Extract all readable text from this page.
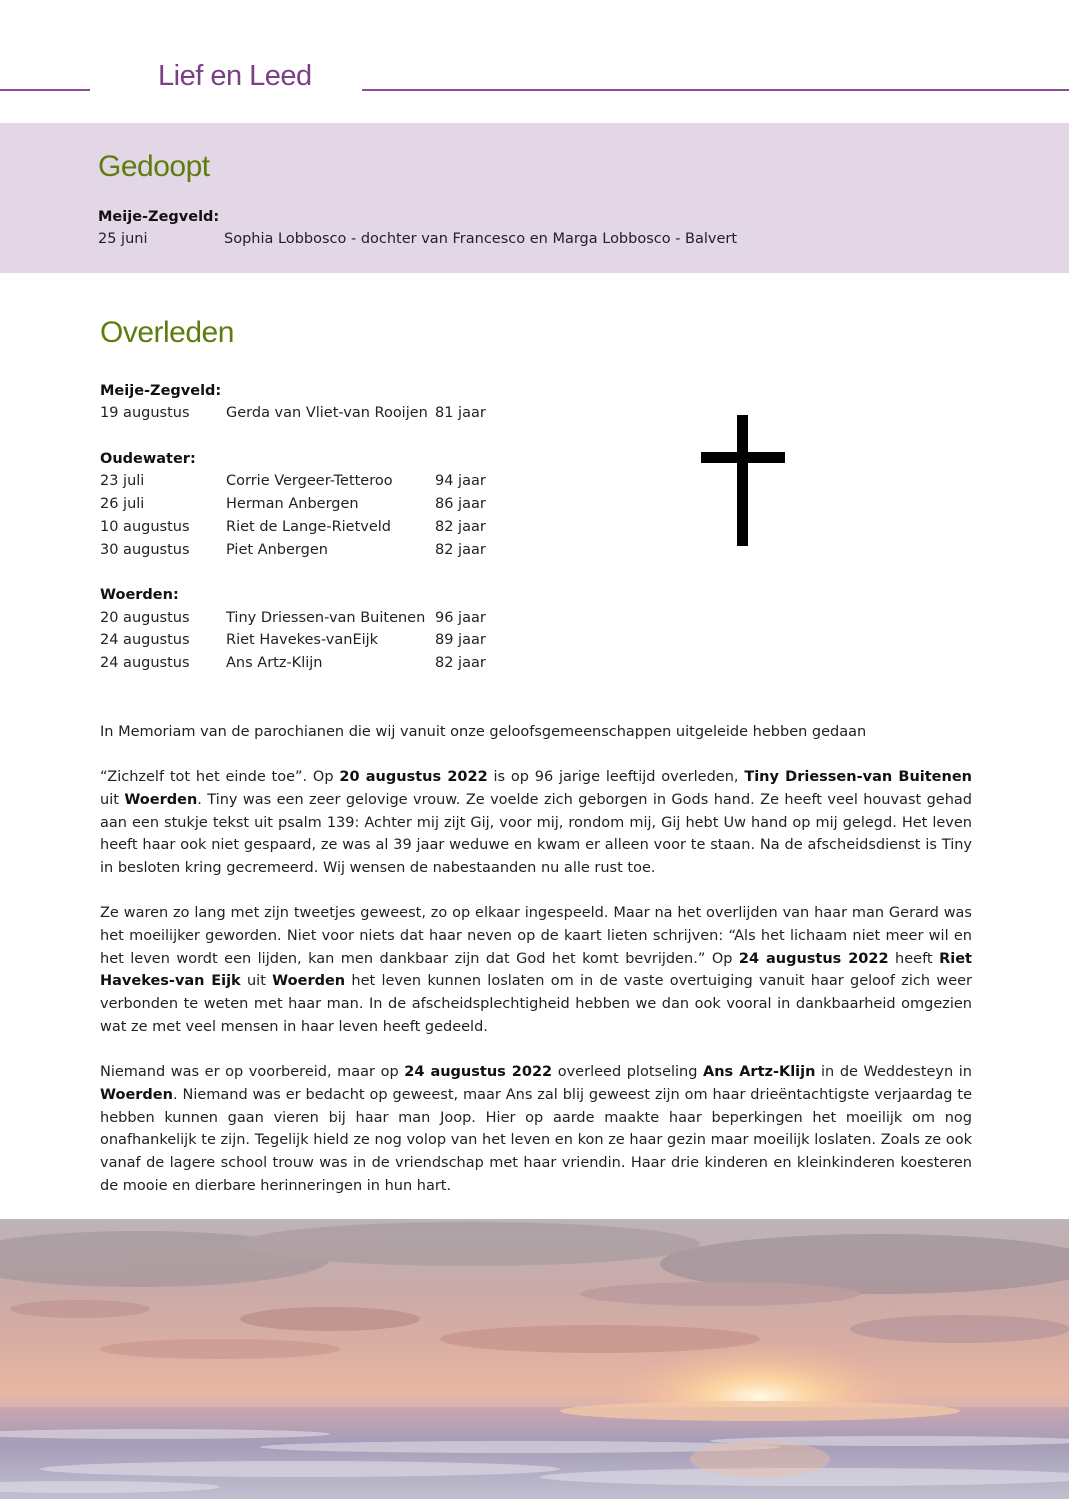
Lief en Leed
Gedoopt
Meije-Zegveld:
25 juni	Sophia Lobbosco - dochter van Francesco en Marga Lobbosco - Balvert
Overleden
Meije-Zegveld:
19 augustus	Gerda van Vliet-van Rooijen 81 jaar
Oudewater:
23 juli	Corrie Vergeer-Tetteroo	94 jaar
26 juli	Herman Anbergen	86 jaar
10 augustus	Riet de Lange-Rietveld	82 jaar
30 augustus	Piet Anbergen	82 jaar
Woerden:
20 augustus	Tiny Driessen-van Buitenen 96 jaar
24 augustus	Riet Havekes-vanEijk	89 jaar
24 augustus	Ans Artz-Klijn	82 jaar

In Memoriam van de parochianen die wij vanuit onze geloofsgemeenschappen uitgeleide hebben gedaan

“Zichzelf tot het einde toe”. Op 20 augustus 2022 is op 96 jarige leeftijd overleden, Tiny Driessen-van Buitenen uit Woerden. Tiny was een zeer gelovige vrouw. Ze voelde zich geborgen in Gods hand. Ze heeft veel houvast gehad aan een stukje tekst uit psalm 139: Achter mij zijt Gij, voor mij, rondom mij, Gij hebt Uw hand op mij gelegd. Het leven heeft haar ook niet gespaard, ze was al 39 jaar weduwe en kwam er alleen voor te staan. Na de afscheidsdienst is Tiny in besloten kring gecremeerd. Wij wensen de nabestaanden nu alle rust toe.

Ze waren zo lang met zijn tweetjes geweest, zo op elkaar ingespeeld. Maar na het overlijden van haar man Gerard was het moeilijker geworden. Niet voor niets dat haar neven op de kaart lieten schrijven: “Als het lichaam niet meer wil en het leven wordt een lijden, kan men dankbaar zijn dat God het komt bevrijden.” Op 24 augustus 2022 heeft Riet Havekes-van Eijk uit Woerden het leven kunnen loslaten om in de vaste overtuiging vanuit haar geloof zich weer verbonden te weten met haar man. In de afscheidsplechtigheid hebben we dan ook vooral in dankbaarheid omgezien wat ze met veel mensen in haar leven heeft gedeeld.

Niemand was er op voorbereid, maar op 24 augustus 2022 overleed plotseling Ans Artz-Klijn in de Weddesteyn in Woerden. Niemand was er bedacht op geweest, maar Ans zal blij geweest zijn om haar drieëntachtigste verjaardag te hebben kunnen gaan vieren bij haar man Joop. Hier op aarde maakte haar beperkingen het moeilijk om nog onafhankelijk te zijn. Tegelijk hield ze nog volop van het leven en kon ze haar gezin maar moeilijk loslaten. Zoals ze ook vanaf de lagere school trouw was in de vriendschap met haar vriendin. Haar drie kinderen en kleinkinderen koesteren de mooie en dierbare herinneringen in hun hart.
